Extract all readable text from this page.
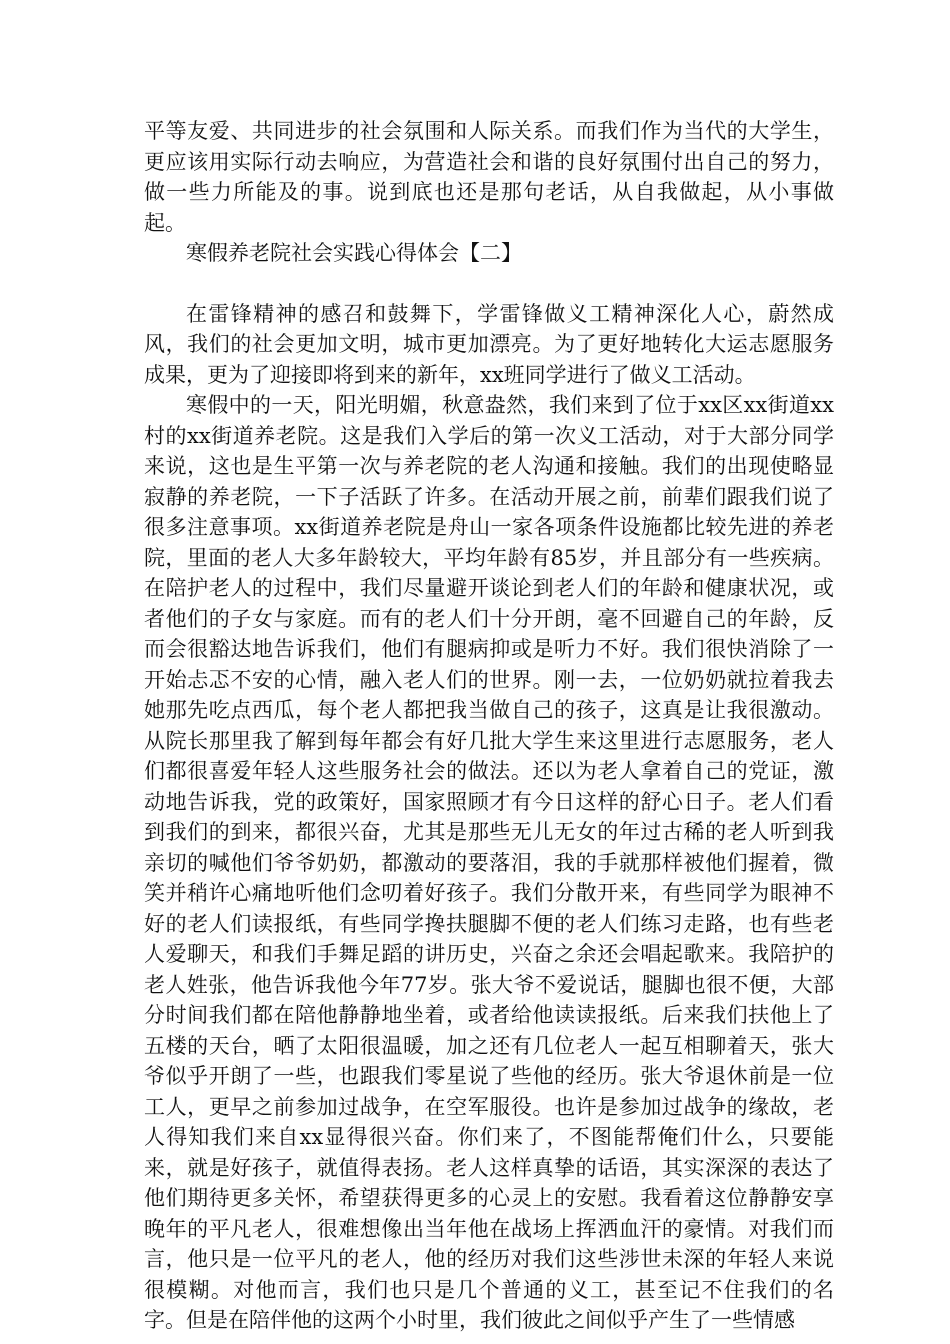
平等友爱、共同进步的社会氛围和人际关系。而我们作为当代的大学生，更应该用实际行动去响应，为营造社会和谐的良好氛围付出自己的努力，做一些力所能及的事。说到底也还是那句老话，从自我做起，从小事做起。

寒假养老院社会实践心得体会【二】

在雷锋精神的感召和鼓舞下，学雷锋做义工精神深化人心，蔚然成风，我们的社会更加文明，城市更加漂亮。为了更好地转化大运志愿服务成果，更为了迎接即将到来的新年，xx班同学进行了做义工活动。

寒假中的一天，阳光明媚，秋意盎然，我们来到了位于xx区xx街道xx村的xx街道养老院。这是我们入学后的第一次义工活动，对于大部分同学来说，这也是生平第一次与养老院的老人沟通和接触。我们的出现使略显寂静的养老院，一下子活跃了许多。在活动开展之前，前辈们跟我们说了很多注意事项。xx街道养老院是舟山一家各项条件设施都比较先进的养老院，里面的老人大多年龄较大，平均年龄有85岁，并且部分有一些疾病。在陪护老人的过程中，我们尽量避开谈论到老人们的年龄和健康状况，或者他们的子女与家庭。而有的老人们十分开朗，毫不回避自己的年龄，反而会很豁达地告诉我们，他们有腿病抑或是听力不好。我们很快消除了一开始忐忑不安的心情，融入老人们的世界。刚一去，一位奶奶就拉着我去她那先吃点西瓜，每个老人都把我当做自己的孩子，这真是让我很激动。从院长那里我了解到每年都会有好几批大学生来这里进行志愿服务，老人们都很喜爱年轻人这些服务社会的做法。还以为老人拿着自己的党证，激动地告诉我，党的政策好，国家照顾才有今日这样的舒心日子。老人们看到我们的到来，都很兴奋，尤其是那些无儿无女的年过古稀的老人听到我亲切的喊他们爷爷奶奶，都激动的要落泪，我的手就那样被他们握着，微笑并稍许心痛地听他们念叨着好孩子。我们分散开来，有些同学为眼神不好的老人们读报纸，有些同学搀扶腿脚不便的老人们练习走路，也有些老人爱聊天，和我们手舞足蹈的讲历史，兴奋之余还会唱起歌来。我陪护的老人姓张，他告诉我他今年77岁。张大爷不爱说话，腿脚也很不便，大部分时间我们都在陪他静静地坐着，或者给他读读报纸。后来我们扶他上了五楼的天台，晒了太阳很温暖，加之还有几位老人一起互相聊着天，张大爷似乎开朗了一些，也跟我们零星说了些他的经历。张大爷退休前是一位工人，更早之前参加过战争，在空军服役。也许是参加过战争的缘故，老人得知我们来自xx显得很兴奋。你们来了，不图能帮俺们什么，只要能来，就是好孩子，就值得表扬。老人这样真挚的话语，其实深深的表达了他们期待更多关怀，希望获得更多的心灵上的安慰。我看着这位静静安享晚年的平凡老人，很难想像出当年他在战场上挥洒血汗的豪情。对我们而言，他只是一位平凡的老人，他的经历对我们这些涉世未深的年轻人来说很模糊。对他而言，我们也只是几个普通的义工，甚至记不住我们的名字。但是在陪伴他的这两个小时里，我们彼此之间似乎产生了一些情感
